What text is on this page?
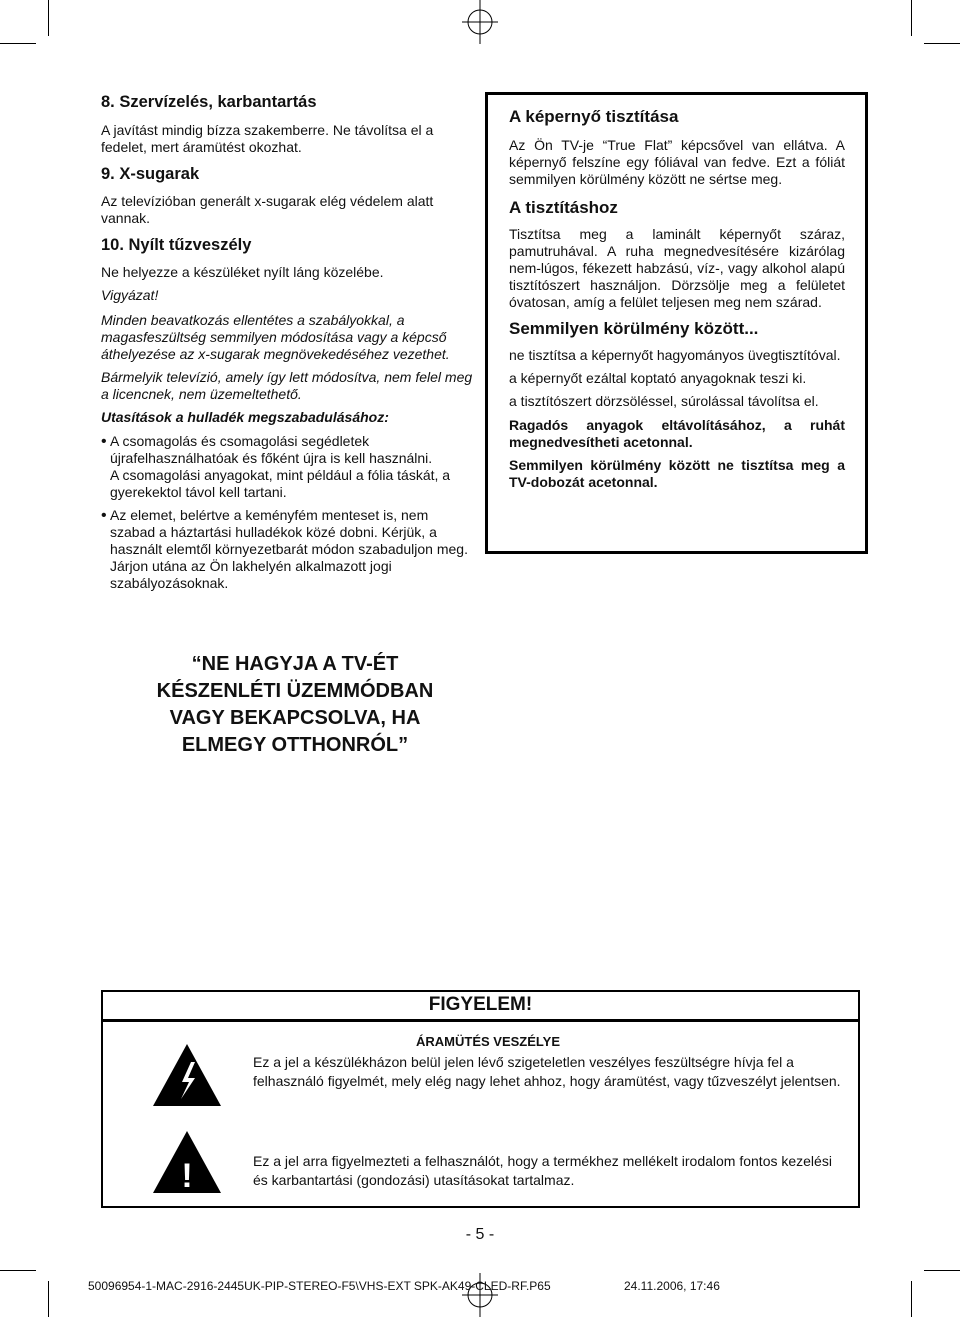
8. Szervízelés, karbantartás

A javítást mindig bízza szakemberre. Ne távolítsa el a fedelet, mert áramütést okozhat.

9. X-sugarak

Az televízióban generált x-sugarak elég védelem alatt vannak.

10. Nyílt tűzveszély

Ne helyezze a készüléket nyílt láng közelébe.

Vigyázat!

Minden beavatkozás ellentétes a szabályokkal, a magasfeszültség semmilyen módosítása vagy a képcső áthelyezése az x-sugarak megnövekedéséhez vezethet.

Bármelyik televízió, amely így lett módosítva, nem felel meg a licencnek, nem üzemeltethető.

Utasítások a hulladék megszabadulásához:

• A csomagolás és csomagolási segédletek újrafelhasználhatóak és főként újra is kell használni.

A csomagolási anyagokat, mint például a fólia táskát, a gyerekektol távol kell tartani.

• Az elemet, belértve a keményfém menteset is, nem szabad a háztartási hulladékok közé dobni. Kérjük, a használt elemtől környezetbarát módon szabaduljon meg. Járjon utána az Ön lakhelyén alkalmazott jogi szabályozásoknak.

A képernyő tisztítása

Az Ön TV-je “True Flat” képcsővel van ellátva. A képernyő felszíne egy fóliával van fedve. Ezt a fóliát semmilyen körülmény között ne sértse meg.

A tisztításhoz

Tisztítsa meg a laminált képernyőt száraz, pamutruhával. A ruha megnedvesítésére kizárólag nem-lúgos, fékezett habzású, víz-, vagy alkohol alapú tisztítószert használjon. Dörzsölje meg a felületet óvatosan, amíg a felület teljesen meg nem szárad.

Semmilyen körülmény között...

ne tisztítsa a képernyőt hagyományos üvegtisztítóval.

a képernyőt ezáltal koptató anyagoknak teszi ki.

a tisztítószert dörzsöléssel, súrolással távolítsa el.

Ragadós anyagok eltávolításához, a ruhát megnedvesítheti acetonnal.

Semmilyen körülmény között ne tisztítsa meg a TV-dobozát acetonnal.

“NE HAGYJA A TV-ÉT KÉSZENLÉTI ÜZEMMÓDBAN VAGY BEKAPCSOLVA, HA ELMEGY OTTHONRÓL”
FIGYELEM!
!
ÁRAMÜTÉS VESZÉLYE
Ez a jel a készülékházon belül jelen lévő szigeteletlen veszélyes feszültségre hívja fel a felhasználó figyelmét, mely elég nagy lehet ahhoz, hogy áramütést, vagy tűzveszélyt jelentsen.
Ez a jel arra figyelmezteti a felhasználót, hogy a termékhez mellékelt irodalom fontos kezelési és karbantartási (gondozási) utasításokat tartalmaz.
- 5 -
50096954-1-MAC-2916-2445UK-PIP-STEREO-F5\VHS-EXT SPK-AK49-CLED-RF.P65	24.11.2006, 17:46
